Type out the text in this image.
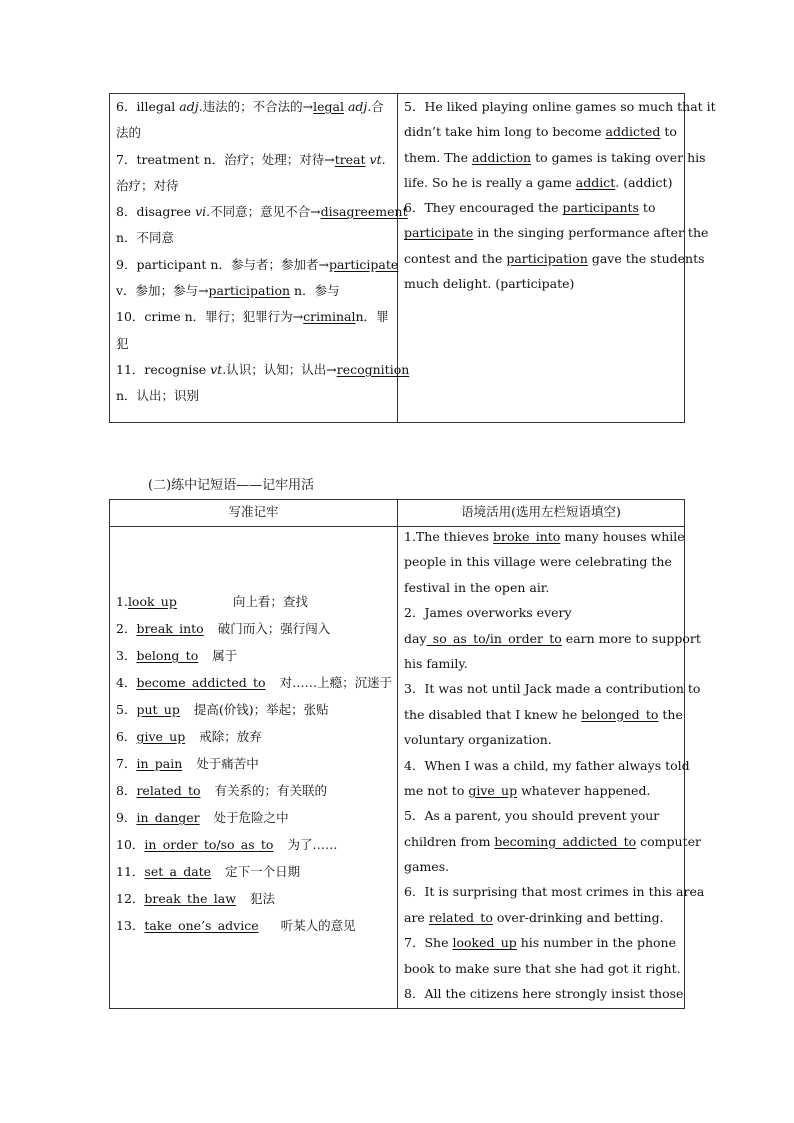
6．illegal adj.违法的；不合法的→legal adj.合
法的
7．treatment n．治疗；处理；对待→treat vt.
治疗；对待
8．disagree vi.不同意；意见不合→disagreement
n．不同意
9．participant n．参与者；参加者→participate
v．参加；参与→participation n．参与
10．crime n．罪行；犯罪行为→criminaln．罪
犯
11．recognise vt.认识；认知；认出→recognition
n．认出；识别
5．He liked playing online games so much that it
didn’t take him long to become addicted to
them. The addiction to games is taking over his
life. So he is really a game addict. (addict)
6．They encouraged the participants to
participate in the singing performance after the
contest and the participation gave the students
much delight. (participate)
(二)练中记短语——记牢用活
写准记牢	语境活用(选用左栏短语填空)
1.look_up	向上看；查找
2．break_into 破门而入；强行闯入
3．belong_to 属于
4．become_addicted_to 对……上瘾；沉迷于
5．put_up 提高(价钱)；举起；张贴
6．give_up 戒除；放弃
7．in_pain 处于痛苦中
8．related_to 有关系的；有关联的
9．in_danger 处于危险之中
10．in_order_to/so_as_to 为了……
11．set_a_date 定下一个日期
12．break_the_law 犯法
13．take_one’s_advice 听某人的意见
1.The thieves broke_into many houses while
people in this village were celebrating the
festival in the open air.
2．James overworks every
day_so_as_to/in_order_to earn more to support
his family.
3．It was not until Jack made a contribution to
the disabled that I knew he belonged_to the
voluntary organization.
4．When I was a child, my father always told
me not to give_up whatever happened.
5．As a parent, you should prevent your
children from becoming_addicted_to computer
games.
6．It is surprising that most crimes in this area
are related_to over-drinking and betting.
7．She looked_up his number in the phone
book to make sure that she had got it right.
8．All the citizens here strongly insist those
